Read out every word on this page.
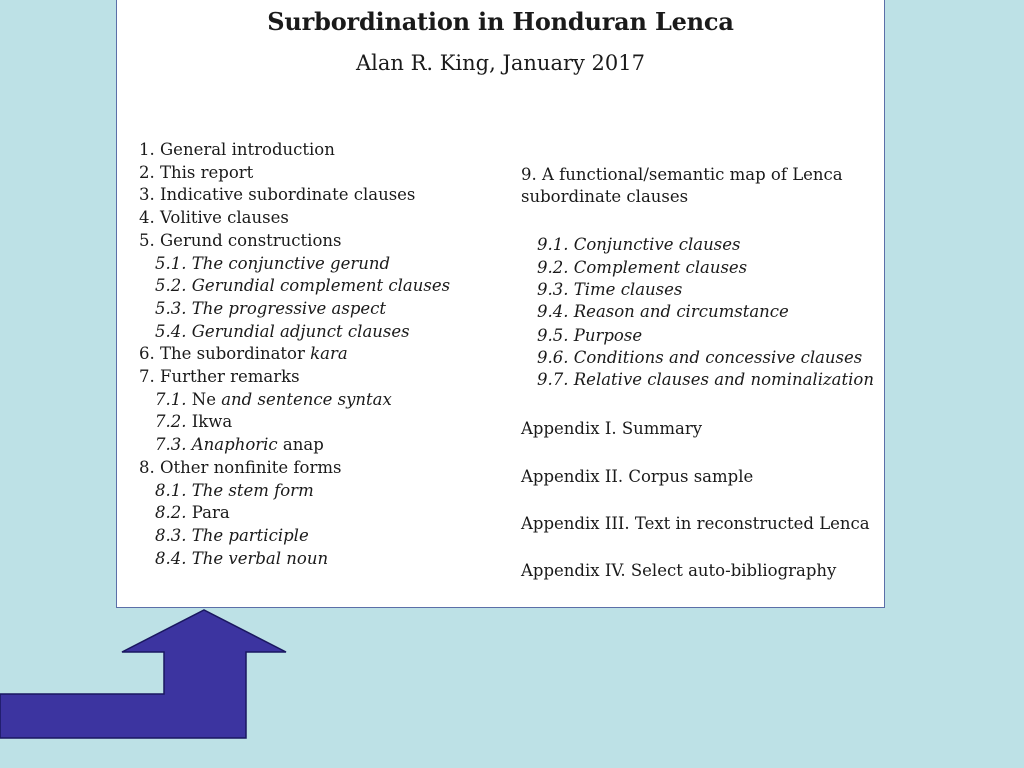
Surbordination in Honduran Lenca
Alan R. King, January 2017
1. General introduction
2. This report
3. Indicative subordinate clauses
4. Volitive clauses
5. Gerund constructions
5.1. The conjunctive gerund
5.2. Gerundial complement clauses
5.3. The progressive aspect
5.4. Gerundial adjunct clauses
6. The subordinator kara
7. Further remarks
7.1. Ne and sentence syntax
7.2. Ikwa
7.3. Anaphoric anap
8. Other nonfinite forms
8.1. The stem form
8.2. Para
8.3. The participle
8.4. The verbal noun
9. A functional/semantic map of Lenca
subordinate clauses
9.1. Conjunctive clauses
9.2. Complement clauses
9.3. Time clauses
9.4. Reason and circumstance
9.5. Purpose
9.6. Conditions and concessive clauses
9.7. Relative clauses and nominalization
Appendix I. Summary
Appendix II. Corpus sample
Appendix III. Text in reconstructed Lenca
Appendix IV. Select auto-bibliography
